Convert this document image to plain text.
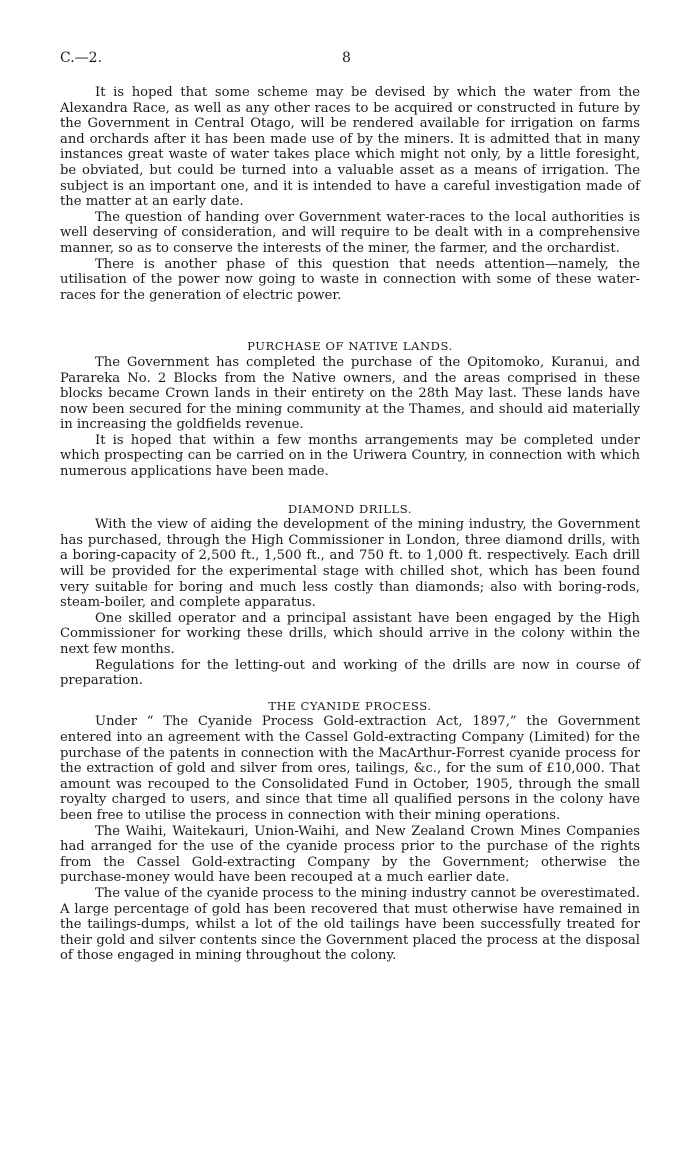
C.—2.	8

It is hoped that some scheme may be devised by which the water from the Alexandra Race, as well as any other races to be acquired or constructed in future by the Government in Central Otago, will be rendered available for irrigation on farms and orchards after it has been made use of by the miners. It is admitted that in many instances great waste of water takes place which might not only, by a little foresight, be obviated, but could be turned into a valuable asset as a means of irrigation. The subject is an important one, and it is intended to have a careful investigation made of the matter at an early date.

The question of handing over Government water-races to the local authorities is well deserving of consideration, and will require to be dealt with in a comprehensive manner, so as to conserve the interests of the miner, the farmer, and the orchardist.

There is another phase of this question that needs attention—namely, the utilisation of the power now going to waste in connection with some of these water-races for the generation of electric power.

PURCHASE OF NATIVE LANDS.

The Government has completed the purchase of the Opitomoko, Kuranui, and Parareka No. 2 Blocks from the Native owners, and the areas comprised in these blocks became Crown lands in their entirety on the 28th May last. These lands have now been secured for the mining community at the Thames, and should aid materially in increasing the goldfields revenue.

It is hoped that within a few months arrangements may be completed under which prospecting can be carried on in the Uriwera Country, in connection with which numerous applications have been made.

DIAMOND DRILLS.

With the view of aiding the development of the mining industry, the Government has purchased, through the High Commissioner in London, three diamond drills, with a boring-capacity of 2,500 ft., 1,500 ft., and 750 ft. to 1,000 ft. respectively. Each drill will be provided for the experimental stage with chilled shot, which has been found very suitable for boring and much less costly than diamonds; also with boring-rods, steam-boiler, and complete apparatus.

One skilled operator and a principal assistant have been engaged by the High Commissioner for working these drills, which should arrive in the colony within the next few months.

Regulations for the letting-out and working of the drills are now in course of preparation.

THE CYANIDE PROCESS.

Under “ The Cyanide Process Gold-extraction Act, 1897,” the Government entered into an agreement with the Cassel Gold-extracting Company (Limited) for the purchase of the patents in connection with the MacArthur-Forrest cyanide process for the extraction of gold and silver from ores, tailings, &c., for the sum of £10,000. That amount was recouped to the Consolidated Fund in October, 1905, through the small royalty charged to users, and since that time all qualified persons in the colony have been free to utilise the process in connection with their mining operations.

The Waihi, Waitekauri, Union-Waihi, and New Zealand Crown Mines Companies had arranged for the use of the cyanide process prior to the purchase of the rights from the Cassel Gold-extracting Company by the Government; otherwise the purchase-money would have been recouped at a much earlier date.

The value of the cyanide process to the mining industry cannot be overestimated. A large percentage of gold has been recovered that must otherwise have remained in the tailings-dumps, whilst a lot of the old tailings have been successfully treated for their gold and silver contents since the Government placed the process at the disposal of those engaged in mining throughout the colony.
